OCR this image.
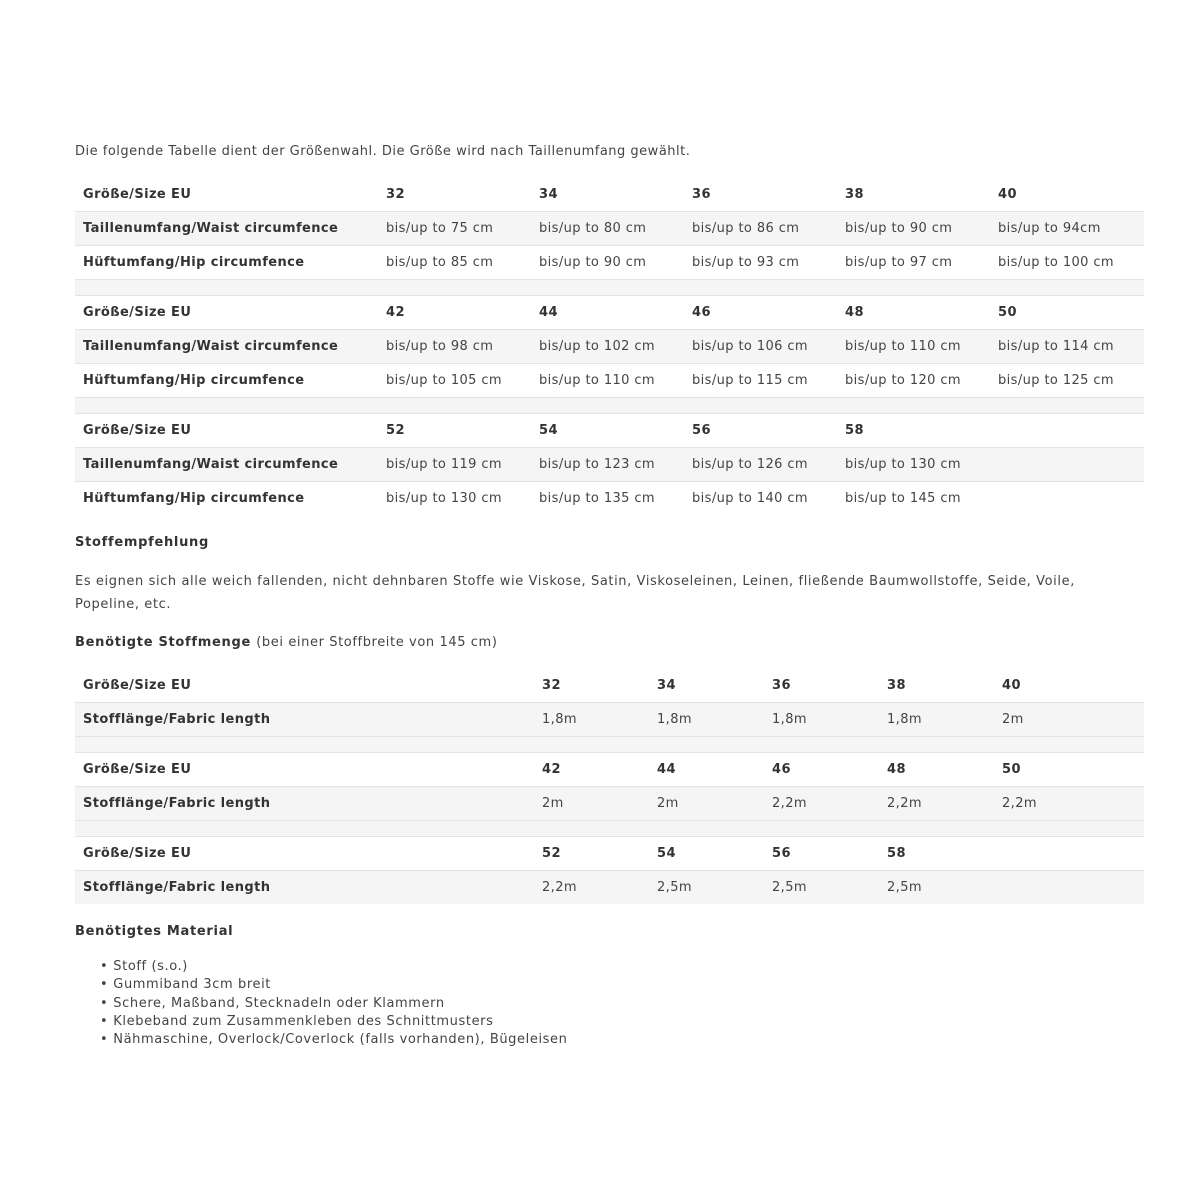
Die folgende Tabelle dient der Größenwahl. Die Größe wird nach Taillenumfang gewählt.

Größe/Size EU	32	34	36	38	40
Taillenumfang/Waist circumfence	bis/up to 75 cm	bis/up to 80 cm	bis/up to 86 cm	bis/up to 90 cm	bis/up to 94cm
Hüftumfang/Hip circumfence	bis/up to 85 cm	bis/up to 90 cm	bis/up to 93 cm	bis/up to 97 cm	bis/up to 100 cm

Größe/Size EU	42	44	46	48	50
Taillenumfang/Waist circumfence	bis/up to 98 cm	bis/up to 102 cm	bis/up to 106 cm	bis/up to 110 cm	bis/up to 114 cm
Hüftumfang/Hip circumfence	bis/up to 105 cm	bis/up to 110 cm	bis/up to 115 cm	bis/up to 120 cm	bis/up to 125 cm

Größe/Size EU	52	54	56	58	
Taillenumfang/Waist circumfence	bis/up to 119 cm	bis/up to 123 cm	bis/up to 126 cm	bis/up to 130 cm	
Hüftumfang/Hip circumfence	bis/up to 130 cm	bis/up to 135 cm	bis/up to 140 cm	bis/up to 145 cm	
Stoffempfehlung

Es eignen sich alle weich fallenden, nicht dehnbaren Stoffe wie Viskose, Satin, Viskoseleinen, Leinen, fließende Baumwollstoffe, Seide, Voile, Popeline, etc.

Benötigte Stoffmenge (bei einer Stoffbreite von 145 cm)
Größe/Size EU	32	34	36	38	40
Stofflänge/Fabric length	1,8m	1,8m	1,8m	1,8m	2m

Größe/Size EU	42	44	46	48	50
Stofflänge/Fabric length	2m	2m	2,2m	2,2m	2,2m

Größe/Size EU	52	54	56	58	
Stofflänge/Fabric length	2,2m	2,5m	2,5m	2,5m	
Benötigtes Material
• Stoff (s.o.)
• Gummiband 3cm breit
• Schere, Maßband, Stecknadeln oder Klammern
• Klebeband zum Zusammenkleben des Schnittmusters
• Nähmaschine, Overlock/Coverlock (falls vorhanden), Bügeleisen
